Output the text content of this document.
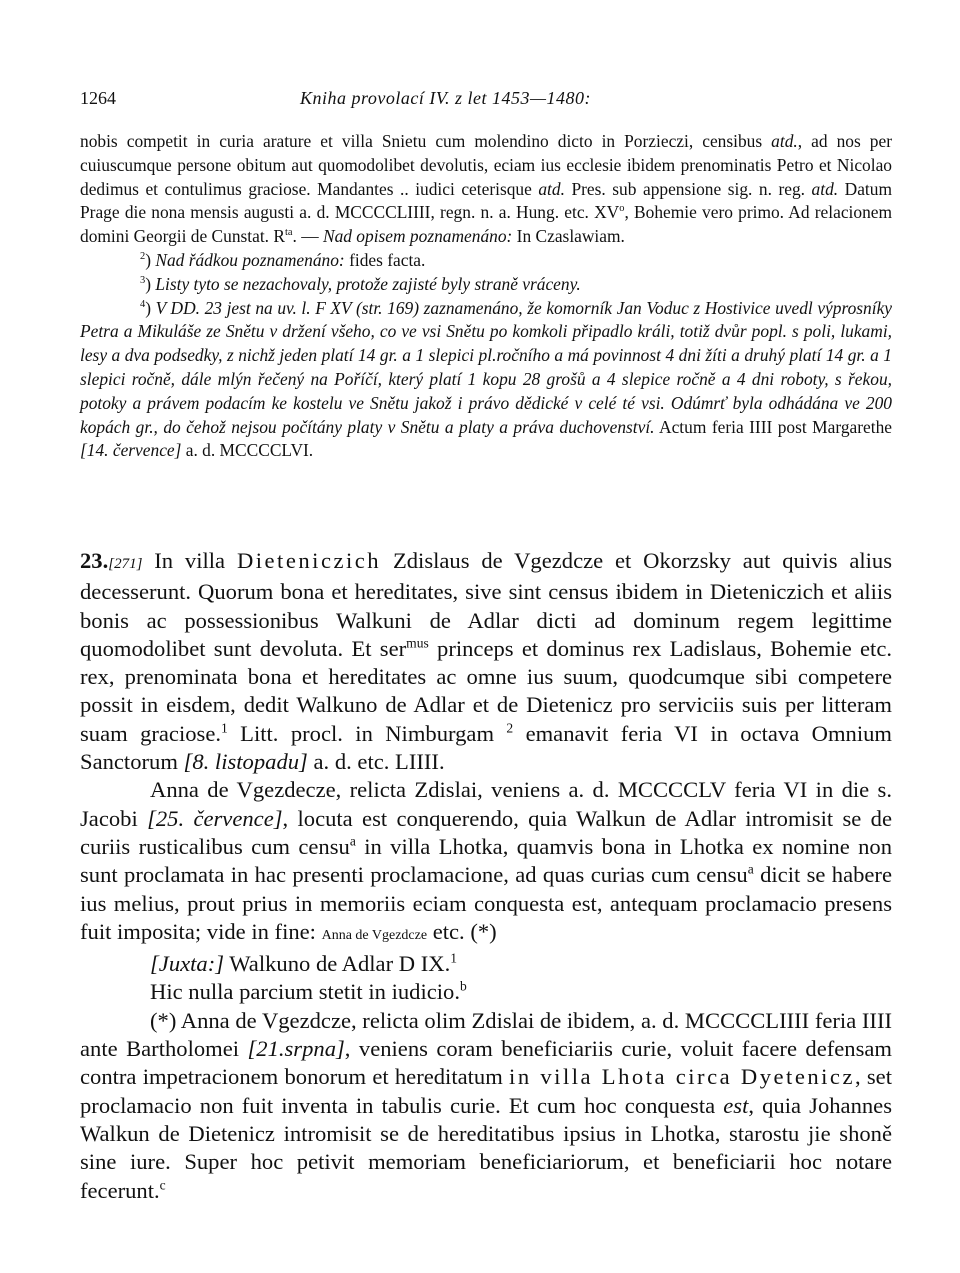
1264	Kniha provolací IV. z let 1453—1480:

nobis competit in curia arature et villa Snietu cum molendino dicto in Porzieczi, censibus atd., ad nos per cuiuscumque persone obitum aut quomodolibet devolutis, eciam ius ecclesie ibidem prenominatis Petro et Nicolao dedimus et contulimus graciose. Mandantes .. iudici ceterisque atd. Pres. sub appensione sig. n. reg. atd. Datum Prage die nona mensis augusti a. d. MCCCCLIIII, regn. n. a. Hung. etc. $XV^o$, Bohemie vero primo. Ad relacionem domini Georgii de Cunstat. $R^{ta}$. — Nad opisem poznamenáno: In Czaslawiam.

$^2$) Nad řádkou poznamenáno: fides facta.

$^3$) Listy tyto se nezachovaly, protože zajisté byly straně vráceny.

$^4$) V DD. 23 jest na uv. l. F XV (str. 169) zaznamenáno, že komorník Jan Voduc z Hostivice uvedl výprosníky Petra a Mikuláše ze Snětu v držení všeho, co ve vsi Snětu po komkoli připadlo králi, totiž dvůr popl. s poli, lukami, lesy a dva podsedky, z nichž jeden platí 14 gr. a 1 slepici pl.ročního a má povinnost 4 dni žíti a druhý platí 14 gr. a 1 slepici ročně, dále mlýn řečený na Poříčí, který platí 1 kopu 28 grošů a 4 slepice ročně a 4 dni roboty, s řekou, potoky a právem podacím ke kostelu ve Snětu jakož i právo dědické v celé té vsi. Odúmrť byla odhádána ve 200 kopách gr., do čehož nejsou počítány platy v Snětu a platy a práva duchovenství. Actum feria IIII post Margarethe [14. července] a. d. MCCCCLVI.

23.[271] In villa Dieteniczich Zdislaus de Vgezdcze et Okorzsky aut quivis alius decesserunt. Quorum bona et hereditates, sive sint census ibidem in Dieteniczich et aliis bonis ac possessionibus Walkuni de Adlar dicti ad dominum regem legittime quomodolibet sunt devoluta. Et ser$^{mus}$ princeps et dominus rex Ladislaus, Bohemie etc. rex, prenominata bona et hereditates ac omne ius suum, quodcumque sibi competere possit in eisdem, dedit Walkuno de Adlar et de Dietenicz pro serviciis suis per litteram suam graciose.$^1$ Litt. procl. in Nimburgam $^2$ emanavit feria VI in octava Omnium Sanctorum [8. listopadu] a. d. etc. LIIII.

Anna de Vgezdecze, relicta Zdislai, veniens a. d. MCCCCLV feria VI in die s. Jacobi [25. července], locuta est conquerendo, quia Walkun de Adlar intromisit se de curiis rusticalibus cum censu$^a$ in villa Lhotka, quamvis bona in Lhotka ex nomine non sunt proclamata in hac presenti proclamacione, ad quas curias cum censu$^a$ dicit se habere ius melius, prout prius in memoriis eciam conquesta est, antequam proclamacio presens fuit imposita; vide in fine: Anna de Vgezdcze etc. (*)

[Juxta:] Walkuno de Adlar D IX.$^1$

Hic nulla parcium stetit in iudicio.$^b$

(*) Anna de Vgezdcze, relicta olim Zdislai de ibidem, a. d. MCCCCLIIII feria IIII ante Bartholomei [21.srpna], veniens coram beneficiariis curie, voluit facere defensam contra impetracionem bonorum et hereditatum in villa Lhota circa Dyetenicz, set proclamacio non fuit inventa in tabulis curie. Et cum hoc conquesta est, quia Johannes Walkun de Dietenicz intromisit se de hereditatibus ipsius in Lhotka, starostu jie shoně sine iure. Super hoc petivit memoriam beneficiariorum, et beneficiarii hoc notare fecerunt.$^c$
